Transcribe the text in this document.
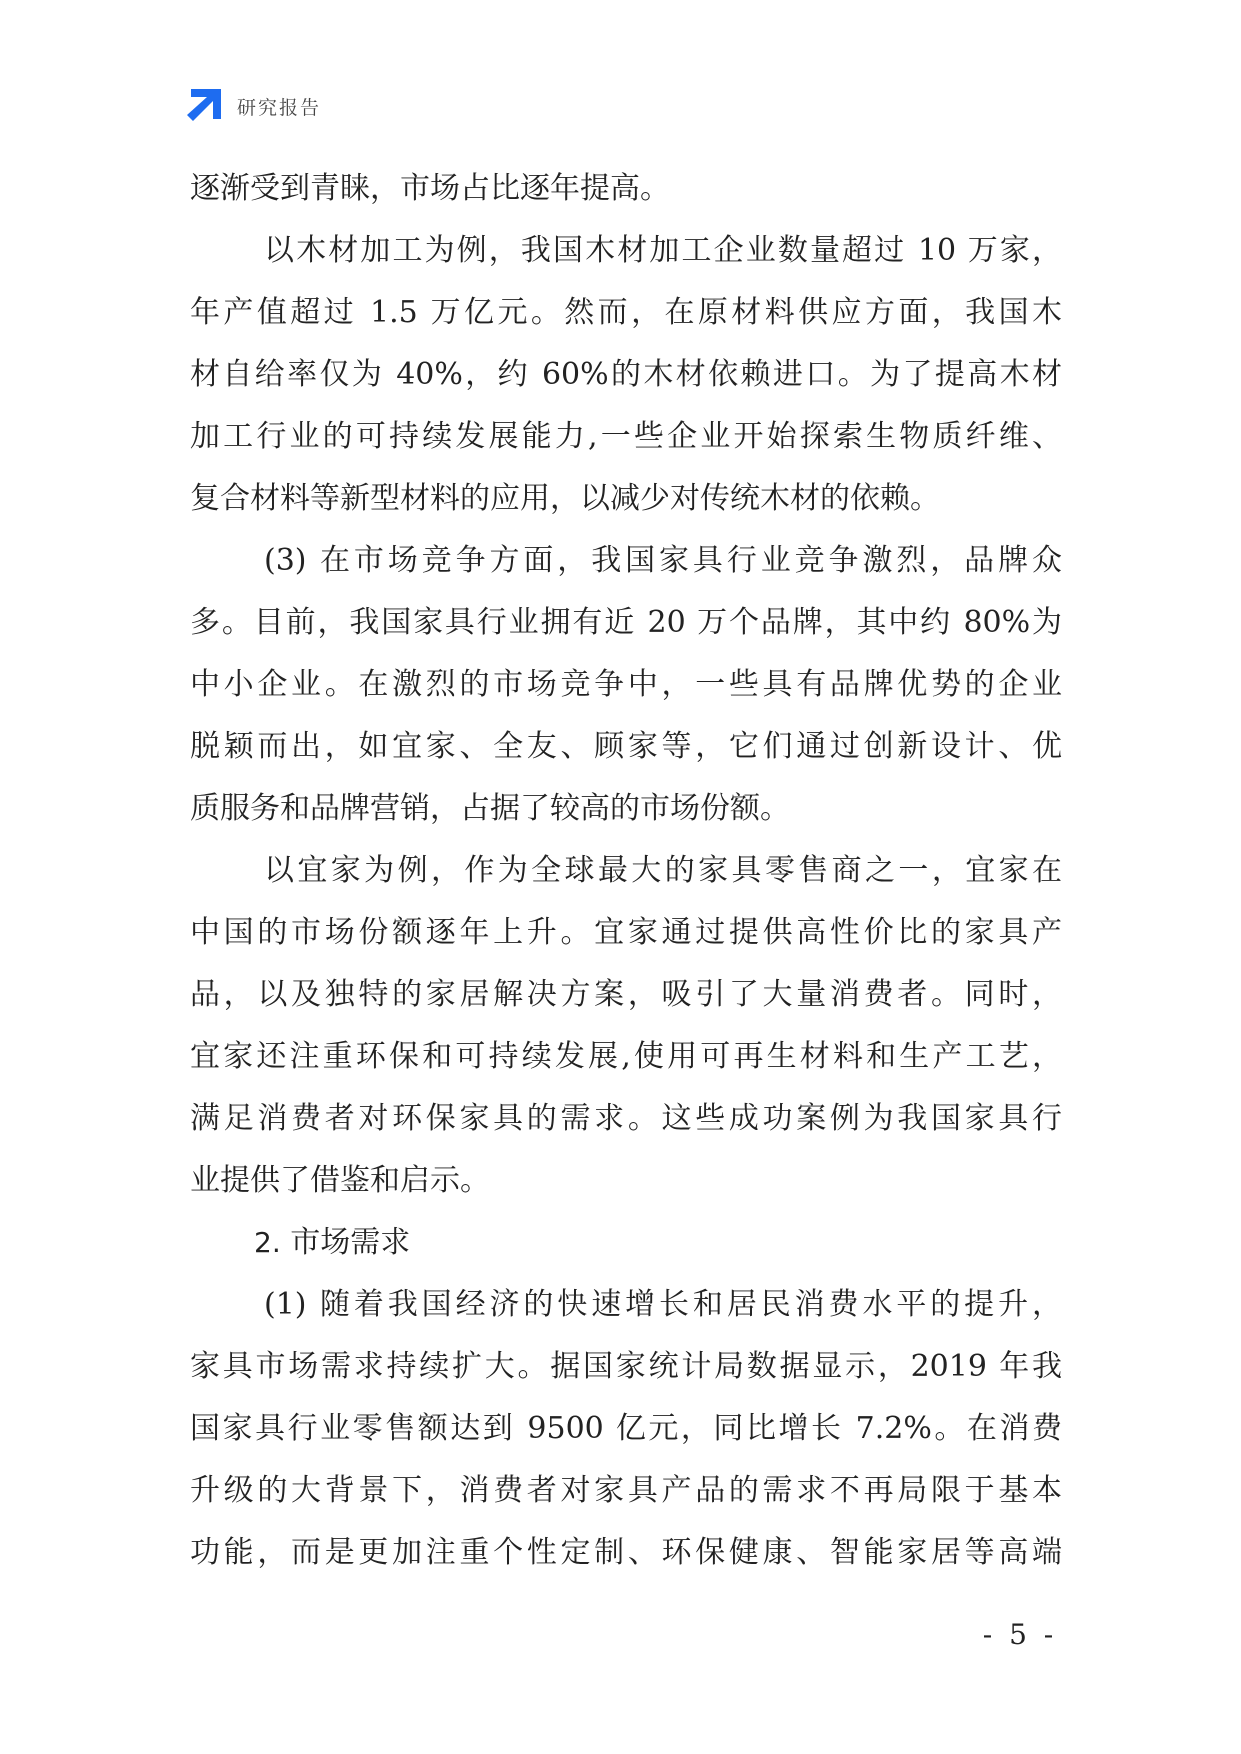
研究报告
逐渐受到青睐，市场占比逐年提高。
以木材加工为例，我国木材加工企业数量超过 10 万家，
年产值超过 1.5 万亿元。然而，在原材料供应方面，我国木
材自给率仅为 40%，约 60%的木材依赖进口。为了提高木材
加工行业的可持续发展能力,一些企业开始探索生物质纤维、
复合材料等新型材料的应用，以减少对传统木材的依赖。
(3) 在市场竞争方面，我国家具行业竞争激烈，品牌众
多。目前，我国家具行业拥有近 20 万个品牌，其中约 80%为
中小企业。在激烈的市场竞争中，一些具有品牌优势的企业
脱颖而出，如宜家、全友、顾家等，它们通过创新设计、优
质服务和品牌营销，占据了较高的市场份额。
以宜家为例，作为全球最大的家具零售商之一，宜家在
中国的市场份额逐年上升。宜家通过提供高性价比的家具产
品，以及独特的家居解决方案，吸引了大量消费者。同时，
宜家还注重环保和可持续发展,使用可再生材料和生产工艺，
满足消费者对环保家具的需求。这些成功案例为我国家具行
业提供了借鉴和启示。
2. 市场需求
(1) 随着我国经济的快速增长和居民消费水平的提升，
家具市场需求持续扩大。据国家统计局数据显示，2019 年我
国家具行业零售额达到 9500 亿元，同比增长 7.2%。在消费
升级的大背景下，消费者对家具产品的需求不再局限于基本
功能，而是更加注重个性定制、环保健康、智能家居等高端
- 5 -
